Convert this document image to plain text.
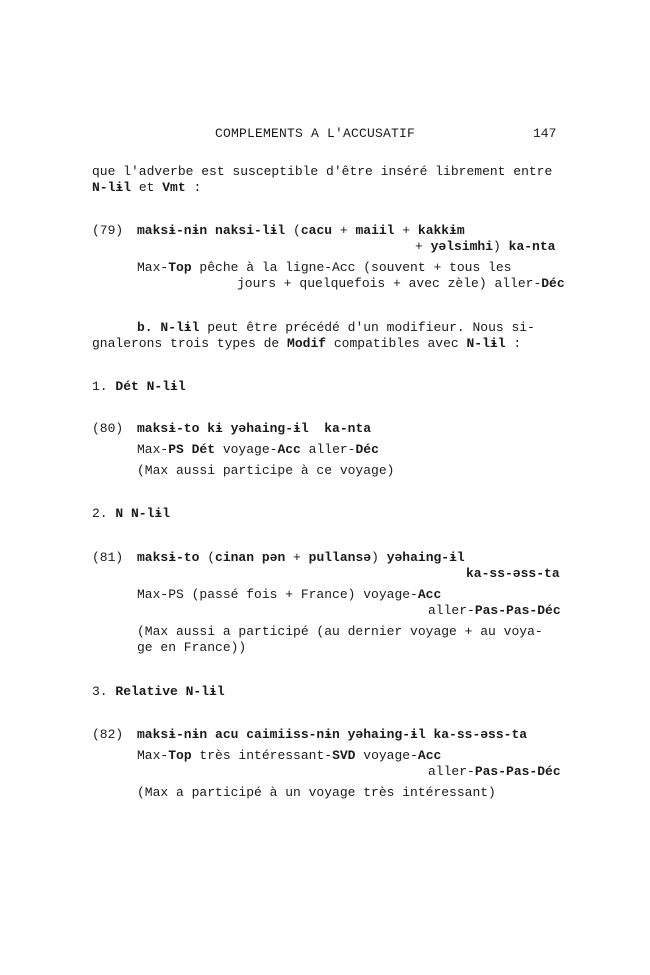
COMPLEMENTS A L'ACCUSATIF	147
que l'adverbe est susceptible d'être inséré librement entre
N-lɨl et Vmt :
(79) maksɨ-nɨn naksi-lɨl (cacu + maiil + kakkɨm
+ yəlsimhi) ka-nta
Max-Top pêche à la ligne-Acc (souvent + tous les
jours + quelquefois + avec zèle) aller-Déc
b. N-lɨl peut être précédé d'un modifieur. Nous si-
gnalerons trois types de Modif compatibles avec N-lɨl :
1. Dét N-lɨl
(80) maksɨ-to kɨ yəhaing-ɨl  ka-nta
Max-PS Dét voyage-Acc aller-Déc
(Max aussi participe à ce voyage)
2. N N-lɨl
(81) maksɨ-to (cinan pən + pullansə) yəhaing-ɨl
ka-ss-əss-ta
Max-PS (passé fois + France) voyage-Acc
aller-Pas-Pas-Déc
(Max aussi a participé (au dernier voyage + au voya-
ge en France))
3. Relative N-lɨl
(82) maksɨ-nɨn acu caimiiss-nɨn yəhaing-ɨl ka-ss-əss-ta
Max-Top très intéressant-SVD voyage-Acc
aller-Pas-Pas-Déc
(Max a participé à un voyage très intéressant)
